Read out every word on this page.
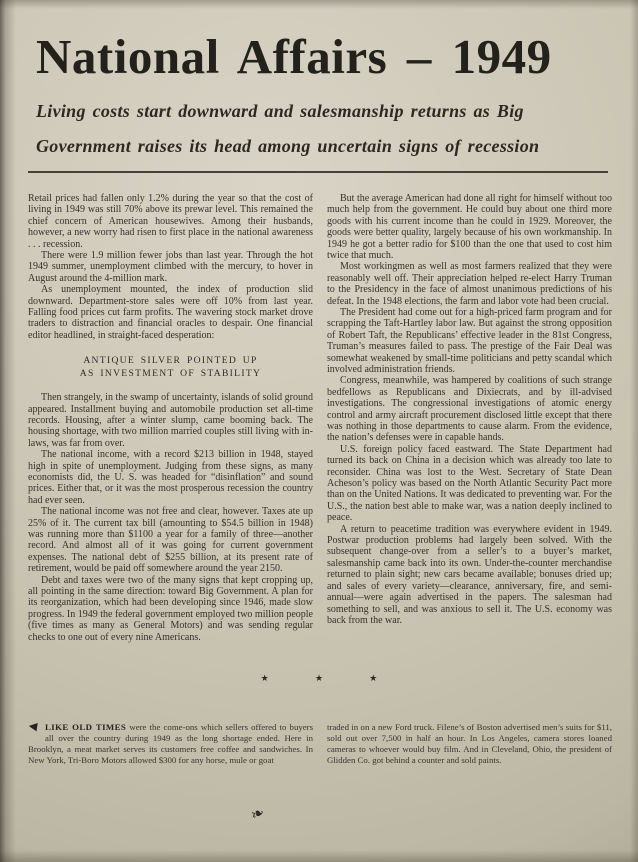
National Affairs – 1949

Living costs start downward and salesmanship returns as Big

Government raises its head among uncertain signs of recession

Retail prices had fallen only 1.2% during the year so that the cost of living in 1949 was still 70% above its prewar level. This remained the chief concern of American housewives. Among their husbands, however, a new worry had risen to first place in the national awareness . . . recession.

There were 1.9 million fewer jobs than last year. Through the hot 1949 summer, unemployment climbed with the mercury, to hover in August around the 4-million mark.

As unemployment mounted, the index of production slid downward. Department-store sales were off 10% from last year. Falling food prices cut farm profits. The wavering stock market drove traders to distraction and financial oracles to despair. One financial editor headlined, in straight-faced desperation:

ANTIQUE SILVER POINTED UP
AS INVESTMENT OF STABILITY

Then strangely, in the swamp of uncertainty, islands of solid ground appeared. Installment buying and automobile production set all-time records. Housing, after a winter slump, came booming back. The housing shortage, with two million married couples still living with in-laws, was far from over.

The national income, with a record $213 billion in 1948, stayed high in spite of unemployment. Judging from these signs, as many economists did, the U. S. was headed for “disinflation” and sound prices. Either that, or it was the most prosperous recession the country had ever seen.

The national income was not free and clear, however. Taxes ate up 25% of it. The current tax bill (amounting to $54.5 billion in 1948) was running more than $1100 a year for a family of three—another record. And almost all of it was going for current government expenses. The national debt of $255 billion, at its present rate of retirement, would be paid off somewhere around the year 2150.

Debt and taxes were two of the many signs that kept cropping up, all pointing in the same direction: toward Big Government. A plan for its reorganization, which had been developing since 1946, made slow progress. In 1949 the federal government employed two million people (five times as many as General Motors) and was sending regular checks to one out of every nine Americans.

But the average American had done all right for himself without too much help from the government. He could buy about one third more goods with his current income than he could in 1929. Moreover, the goods were better quality, largely because of his own workmanship. In 1949 he got a better radio for $100 than the one that used to cost him twice that much.

Most workingmen as well as most farmers realized that they were reasonably well off. Their appreciation helped re-elect Harry Truman to the Presidency in the face of almost unanimous predictions of his defeat. In the 1948 elections, the farm and labor vote had been crucial.

The President had come out for a high-priced farm program and for scrapping the Taft-Hartley labor law. But against the strong opposition of Robert Taft, the Republicans’ effective leader in the 81st Congress, Truman’s measures failed to pass. The prestige of the Fair Deal was somewhat weakened by small-time politicians and petty scandal which involved administration friends.

Congress, meanwhile, was hampered by coalitions of such strange bedfellows as Republicans and Dixiecrats, and by ill-advised investigations. The congressional investigations of atomic energy control and army aircraft procurement disclosed little except that there was nothing in those departments to cause alarm. From the evidence, the nation’s defenses were in capable hands.

U.S. foreign policy faced eastward. The State Department had turned its back on China in a decision which was already too late to reconsider. China was lost to the West. Secretary of State Dean Acheson’s policy was based on the North Atlantic Security Pact more than on the United Nations. It was dedicated to preventing war. For the U.S., the nation best able to make war, was a nation deeply inclined to peace.

A return to peacetime tradition was everywhere evident in 1949. Postwar production problems had largely been solved. With the subsequent change-over from a seller’s to a buyer’s market, salesmanship came back into its own. Under-the-counter merchandise returned to plain sight; new cars became available; bonuses dried up; and sales of every variety—clearance, anniversary, fire, and semi-annual—were again advertised in the papers. The salesman had something to sell, and was anxious to sell it. The U.S. economy was back from the war.

★	★	★
◀ LIKE OLD TIMES were the come-ons which sellers offered to buyers all over the country during 1949 as the long shortage ended. Here in Brooklyn, a meat market serves its customers free coffee and sandwiches. In New York, Tri-Boro Motors allowed $300 for any horse, mule or goat
traded in on a new Ford truck. Filene’s of Boston advertised men’s suits for $11, sold out over 7,500 in half an hour. In Los Angeles, camera stores loaned cameras to whoever would buy film. And in Cleveland, Ohio, the president of Glidden Co. got behind a counter and sold paints.
❧
